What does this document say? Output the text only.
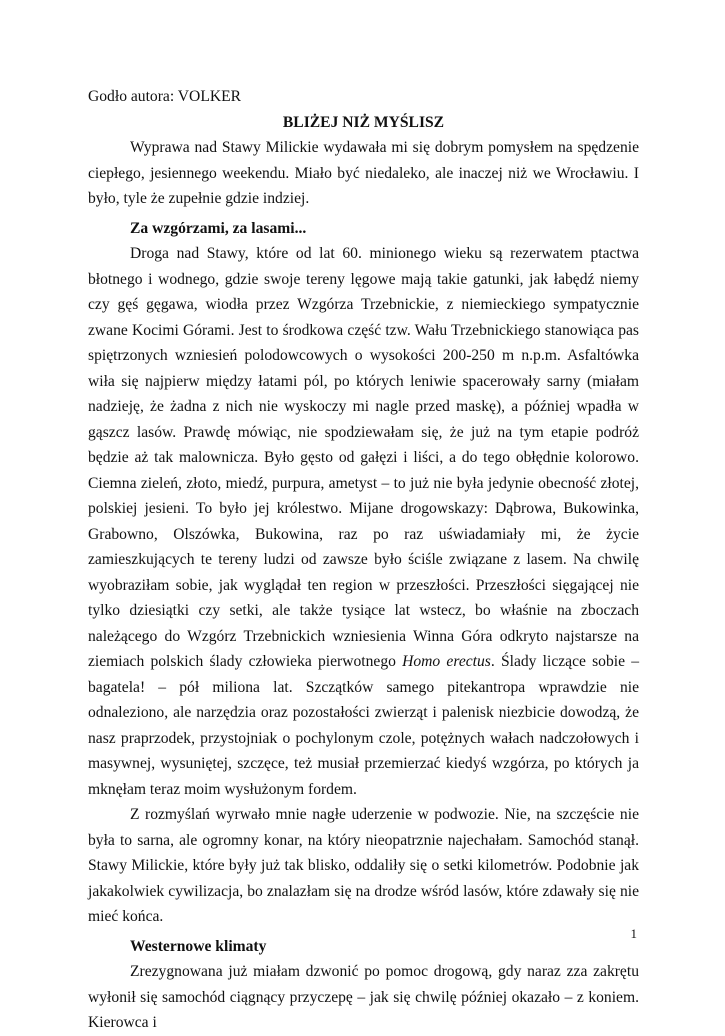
Godło autora: VOLKER

BLIŻEJ NIŻ MYŚLISZ

Wyprawa nad Stawy Milickie wydawała mi się dobrym pomysłem na spędzenie ciepłego, jesiennego weekendu. Miało być niedaleko, ale inaczej niż we Wrocławiu. I było, tyle że zupełnie gdzie indziej.

Za wzgórzami, za lasami...

Droga nad Stawy, które od lat 60. minionego wieku są rezerwatem ptactwa błotnego i wodnego, gdzie swoje tereny lęgowe mają takie gatunki, jak łabędź niemy czy gęś gęgawa, wiodła przez Wzgórza Trzebnickie, z niemieckiego sympatycznie zwane Kocimi Górami. Jest to środkowa część tzw. Wału Trzebnickiego stanowiąca pas spiętrzonych wzniesień polodowcowych o wysokości 200-250 m n.p.m. Asfaltówka wiła się najpierw między łatami pól, po których leniwie spacerowały sarny (miałam nadzieję, że żadna z nich nie wyskoczy mi nagle przed maskę), a później wpadła w gąszcz lasów. Prawdę mówiąc, nie spodziewałam się, że już na tym etapie podróż będzie aż tak malownicza. Było gęsto od gałęzi i liści, a do tego obłędnie kolorowo. Ciemna zieleń, złoto, miedź, purpura, ametyst – to już nie była jedynie obecność złotej, polskiej jesieni. To było jej królestwo. Mijane drogowskazy: Dąbrowa, Bukowinka, Grabowno, Olszówka, Bukowina, raz po raz uświadamiały mi, że życie zamieszkujących te tereny ludzi od zawsze było ściśle związane z lasem. Na chwilę wyobraziłam sobie, jak wyglądał ten region w przeszłości. Przeszłości sięgającej nie tylko dziesiątki czy setki, ale także tysiące lat wstecz, bo właśnie na zboczach należącego do Wzgórz Trzebnickich wzniesienia Winna Góra odkryto najstarsze na ziemiach polskich ślady człowieka pierwotnego Homo erectus. Ślady liczące sobie – bagatela! – pół miliona lat. Szczątków samego pitekantropa wprawdzie nie odnaleziono, ale narzędzia oraz pozostałości zwierząt i palenisk niezbicie dowodzą, że nasz praprzodek, przystojniak o pochylonym czole, potężnych wałach nadczołowych i masywnej, wysuniętej, szczęce, też musiał przemierzać kiedyś wzgórza, po których ja mknęłam teraz moim wysłużonym fordem.

Z rozmyślań wyrwało mnie nagłe uderzenie w podwozie. Nie, na szczęście nie była to sarna, ale ogromny konar, na który nieopatrznie najechałam. Samochód stanął. Stawy Milickie, które były już tak blisko, oddaliły się o setki kilometrów. Podobnie jak jakakolwiek cywilizacja, bo znalazłam się na drodze wśród lasów, które zdawały się nie mieć końca.

Westernowe klimaty

Zrezygnowana już miałam dzwonić po pomoc drogową, gdy naraz zza zakrętu wyłonił się samochód ciągnący przyczepę – jak się chwilę później okazało – z koniem. Kierowca i

1
